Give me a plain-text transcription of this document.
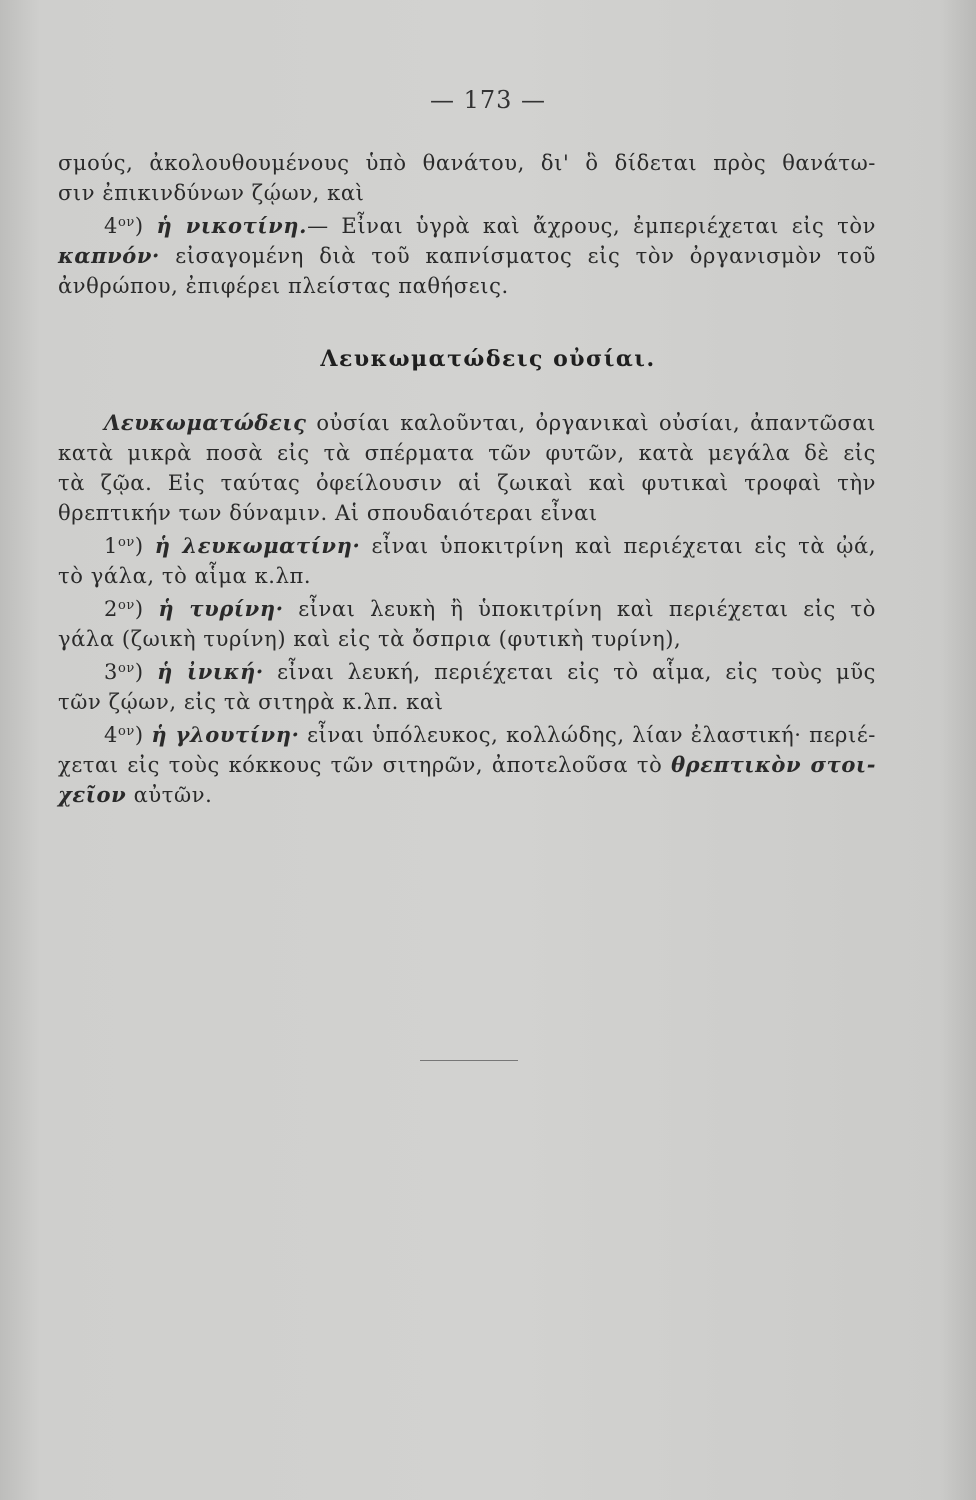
— 173 —
σμούς, ἀκολουθουμένους ὑπὸ θανάτου, δι' ὃ δίδεται πρὸς θανάτω-
σιν ἐπικινδύνων ζῴων, καὶ
$4^{o\nu}$) ἡ νικοτίνη.— Εἶναι ὑγρὰ καὶ ἄχρους, ἐμπεριέχεται εἰς τὸν
καπνόν· εἰσαγομένη διὰ τοῦ καπνίσματος εἰς τὸν ὀργανισμὸν τοῦ
ἀνθρώπου, ἐπιφέρει πλείστας παθήσεις.
Λευκωματώδεις οὐσίαι.
Λευκωματώδεις οὐσίαι καλοῦνται, ὀργανικαὶ οὐσίαι, ἀπαντῶσαι
κατὰ μικρὰ ποσὰ εἰς τὰ σπέρματα τῶν φυτῶν, κατὰ μεγάλα δὲ εἰς
τὰ ζῷα. Εἰς ταύτας ὀφείλουσιν αἱ ζωικαὶ καὶ φυτικαὶ τροφαὶ τὴν
θρεπτικήν των δύναμιν. Αἱ σπουδαιότεραι εἶναι
$1^{o\nu}$) ἡ λευκωματίνη· εἶναι ὑποκιτρίνη καὶ περιέχεται εἰς τὰ ᾠά,
τὸ γάλα, τὸ αἷμα κ.λπ.
$2^{o\nu}$) ἡ τυρίνη· εἶναι λευκὴ ἢ ὑποκιτρίνη καὶ περιέχεται εἰς τὸ
γάλα (ζωικὴ τυρίνη) καὶ εἰς τὰ ὄσπρια (φυτικὴ τυρίνη),
$3^{o\nu}$) ἡ ἰνική· εἶναι λευκή, περιέχεται εἰς τὸ αἷμα, εἰς τοὺς μῦς
τῶν ζῴων, εἰς τὰ σιτηρὰ κ.λπ. καὶ
$4^{o\nu}$) ἡ γλουτίνη· εἶναι ὑπόλευκος, κολλώδης, λίαν ἐλαστική· περιέ-
χεται εἰς τοὺς κόκκους τῶν σιτηρῶν, ἀποτελοῦσα τὸ θρεπτικὸν στοι-
χεῖον αὐτῶν.
